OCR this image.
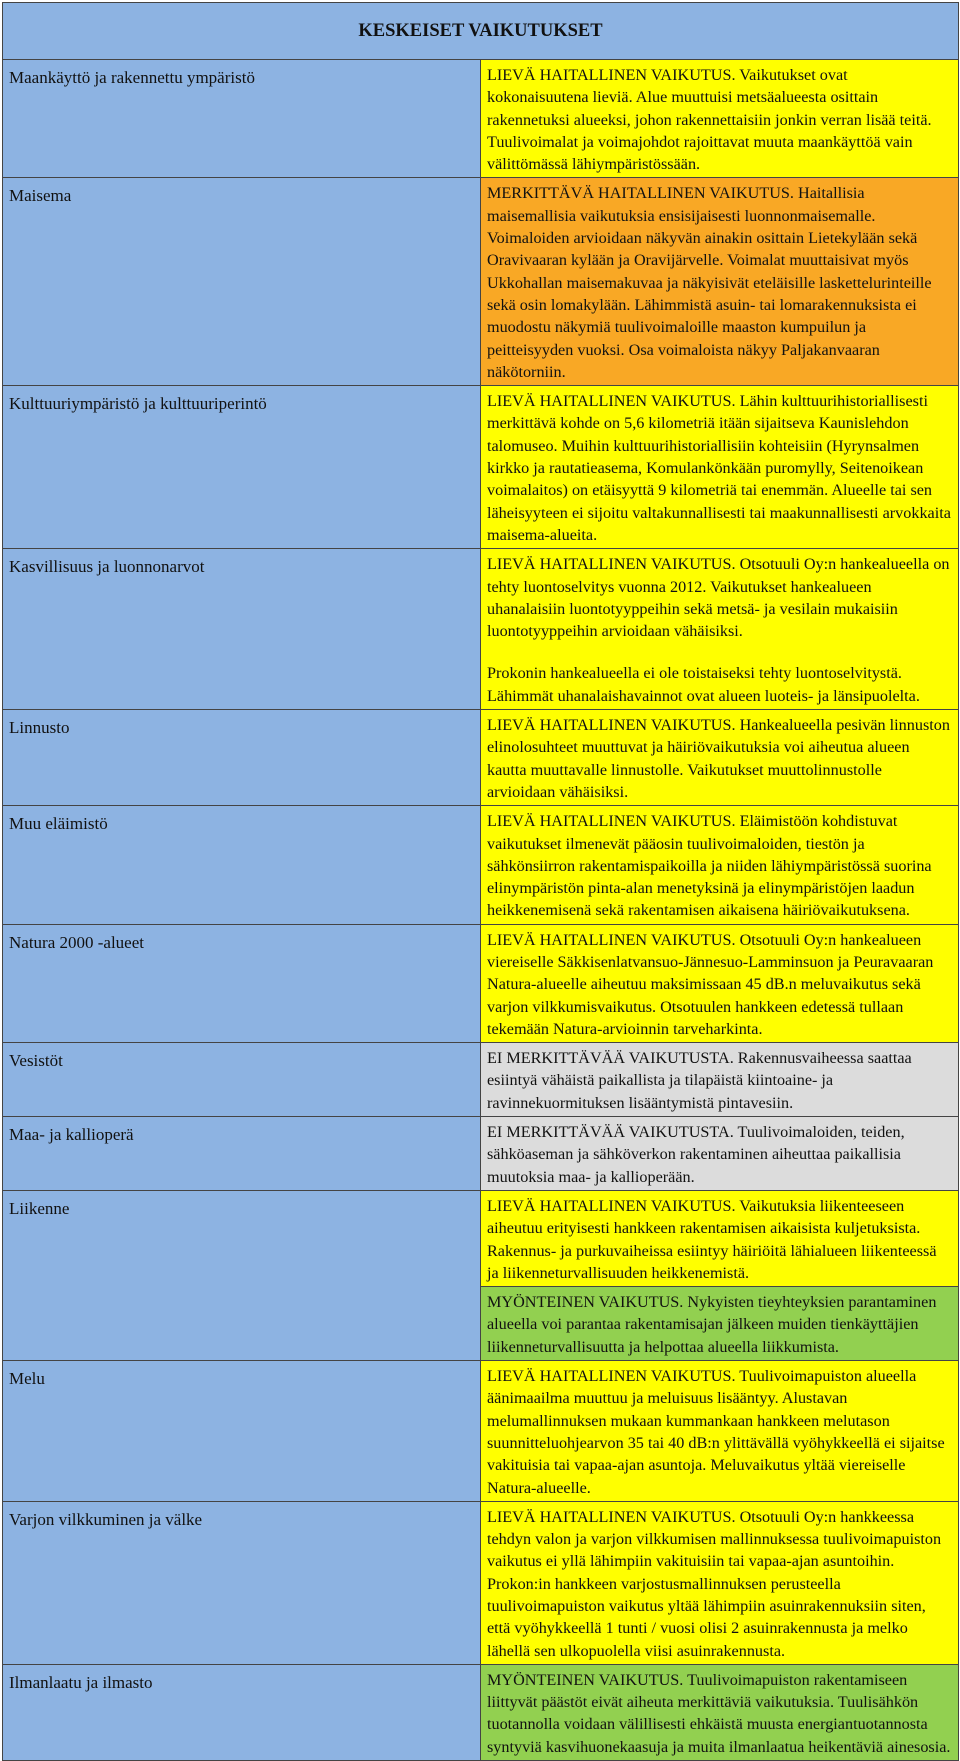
KESKEISET VAIKUTUKSET	
Maankäyttö ja rakennettu ympäristö	LIEVÄ HAITALLINEN VAIKUTUS. Vaikutukset ovat kokonaisuutena lieviä. Alue muuttuisi metsäalueesta osittain rakennetuksi alueeksi, johon rakennettaisiin jonkin verran lisää teitä. Tuulivoimalat ja voimajohdot rajoittavat muuta maankäyttöä vain välittömässä lähiympäristössään.
Maisema	MERKITTÄVÄ HAITALLINEN VAIKUTUS. Haitallisia maisemallisia vaikutuksia ensisijaisesti luonnonmaisemalle. Voimaloiden arvioidaan näkyvän ainakin osittain Lietekylään sekä Oravivaaran kylään ja Oravijärvelle. Voimalat muuttaisivat myös Ukkohallan maisemakuvaa ja näkyisivät eteläisille laskettelurinteille sekä osin lomakylään. Lähimmistä asuin- tai lomarakennuksista ei muodostu näkymiä tuulivoimaloille maaston kumpuilun ja peitteisyyden vuoksi. Osa voimaloista näkyy Paljakanvaaran näkötorniin.
Kulttuuriympäristö ja kulttuuriperintö	LIEVÄ HAITALLINEN VAIKUTUS. Lähin kulttuurihistoriallisesti merkittävä kohde on 5,6 kilometriä itään sijaitseva Kaunislehdon talomuseo. Muihin kulttuurihistoriallisiin kohteisiin (Hyrynsalmen kirkko ja rautatieasema, Komulankönkään puromylly, Seitenoikean voimalaitos) on etäisyyttä 9 kilometriä tai enemmän. Alueelle tai sen läheisyyteen ei sijoitu valtakunnallisesti tai maakunnallisesti arvokkaita maisema-alueita.
Kasvillisuus ja luonnonarvot	LIEVÄ HAITALLINEN VAIKUTUS. Otsotuuli Oy:n hankealueella on tehty luontoselvitys vuonna 2012. Vaikutukset hankealueen uhanalaisiin luontotyyppeihin sekä metsä- ja vesilain mukaisiin luontotyyppeihin arvioidaan vähäisiksi.
Prokonin hankealueella ei ole toistaiseksi tehty luontoselvitystä. Lähimmät uhanalaishavainnot ovat alueen luoteis- ja länsipuolelta.

Linnusto	LIEVÄ HAITALLINEN VAIKUTUS. Hankealueella pesivän linnuston elinolosuhteet muuttuvat ja häiriövaikutuksia voi aiheutua alueen kautta muuttavalle linnustolle. Vaikutukset muuttolinnustolle arvioidaan vähäisiksi.
Muu eläimistö	LIEVÄ HAITALLINEN VAIKUTUS. Eläimistöön kohdistuvat vaikutukset ilmenevät pääosin tuulivoimaloiden, tiestön ja sähkönsiirron rakentamispaikoilla ja niiden lähiympäristössä suorina elinympäristön pinta-alan menetyksinä ja elinympäristöjen laadun heikkenemisenä sekä rakentamisen aikaisena häiriövaikutuksena.
Natura 2000 -alueet	LIEVÄ HAITALLINEN VAIKUTUS. Otsotuuli Oy:n hankealueen viereiselle Säkkisenlatvansuo-Jännesuo-Lamminsuon ja Peuravaaran Natura-alueelle aiheutuu maksimissaan 45 dB.n meluvaikutus sekä varjon vilkkumisvaikutus. Otsotuulen hankkeen edetessä tullaan tekemään Natura-arvioinnin tarveharkinta.
Vesistöt	EI MERKITTÄVÄÄ VAIKUTUSTA. Rakennusvaiheessa saattaa esiintyä vähäistä paikallista ja tilapäistä kiintoaine- ja ravinnekuormituksen lisääntymistä pintavesiin.
Maa- ja kallioperä	EI MERKITTÄVÄÄ VAIKUTUSTA. Tuulivoimaloiden, teiden, sähköaseman ja sähköverkon rakentaminen aiheuttaa paikallisia muutoksia maa- ja kallioperään.
Liikenne	LIEVÄ HAITALLINEN VAIKUTUS. Vaikutuksia liikenteeseen aiheutuu erityisesti hankkeen rakentamisen aikaisista kuljetuksista. Rakennus- ja purkuvaiheissa esiintyy häiriöitä lähialueen liikenteessä ja liikenneturvallisuuden heikkenemistä.
	MYÖNTEINEN VAIKUTUS. Nykyisten tieyhteyksien parantaminen alueella voi parantaa rakentamisajan jälkeen muiden tienkäyttäjien liikenneturvallisuutta ja helpottaa alueella liikkumista.
Melu	LIEVÄ HAITALLINEN VAIKUTUS. Tuulivoimapuiston alueella äänimaailma muuttuu ja meluisuus lisääntyy. Alustavan melumallinnuksen mukaan kummankaan hankkeen melutason suunnitteluohjearvon 35 tai 40 dB:n ylittävällä vyöhykkeellä ei sijaitse vakituisia tai vapaa-ajan asuntoja. Meluvaikutus yltää viereiselle Natura-alueelle.
Varjon vilkkuminen ja välke	LIEVÄ HAITALLINEN VAIKUTUS. Otsotuuli Oy:n hankkeessa tehdyn valon ja varjon vilkkumisen mallinnuksessa tuulivoimapuiston vaikutus ei yllä lähimpiin vakituisiin tai vapaa-ajan asuntoihin. Prokon:in hankkeen varjostusmallinnuksen perusteella tuulivoimapuiston vaikutus yltää lähimpiin asuinrakennuksiin siten, että vyöhykkeellä 1 tunti / vuosi olisi 2 asuinrakennusta ja melko lähellä sen ulkopuolella viisi asuinrakennusta.
Ilmanlaatu ja ilmasto	MYÖNTEINEN VAIKUTUS. Tuulivoimapuiston rakentamiseen liittyvät päästöt eivät aiheuta merkittäviä vaikutuksia. Tuulisähkön tuotannolla voidaan välillisesti ehkäistä muusta energiantuotannosta syntyviä kasvihuonekaasuja ja muita ilmanlaatua heikentäviä ainesosia.
